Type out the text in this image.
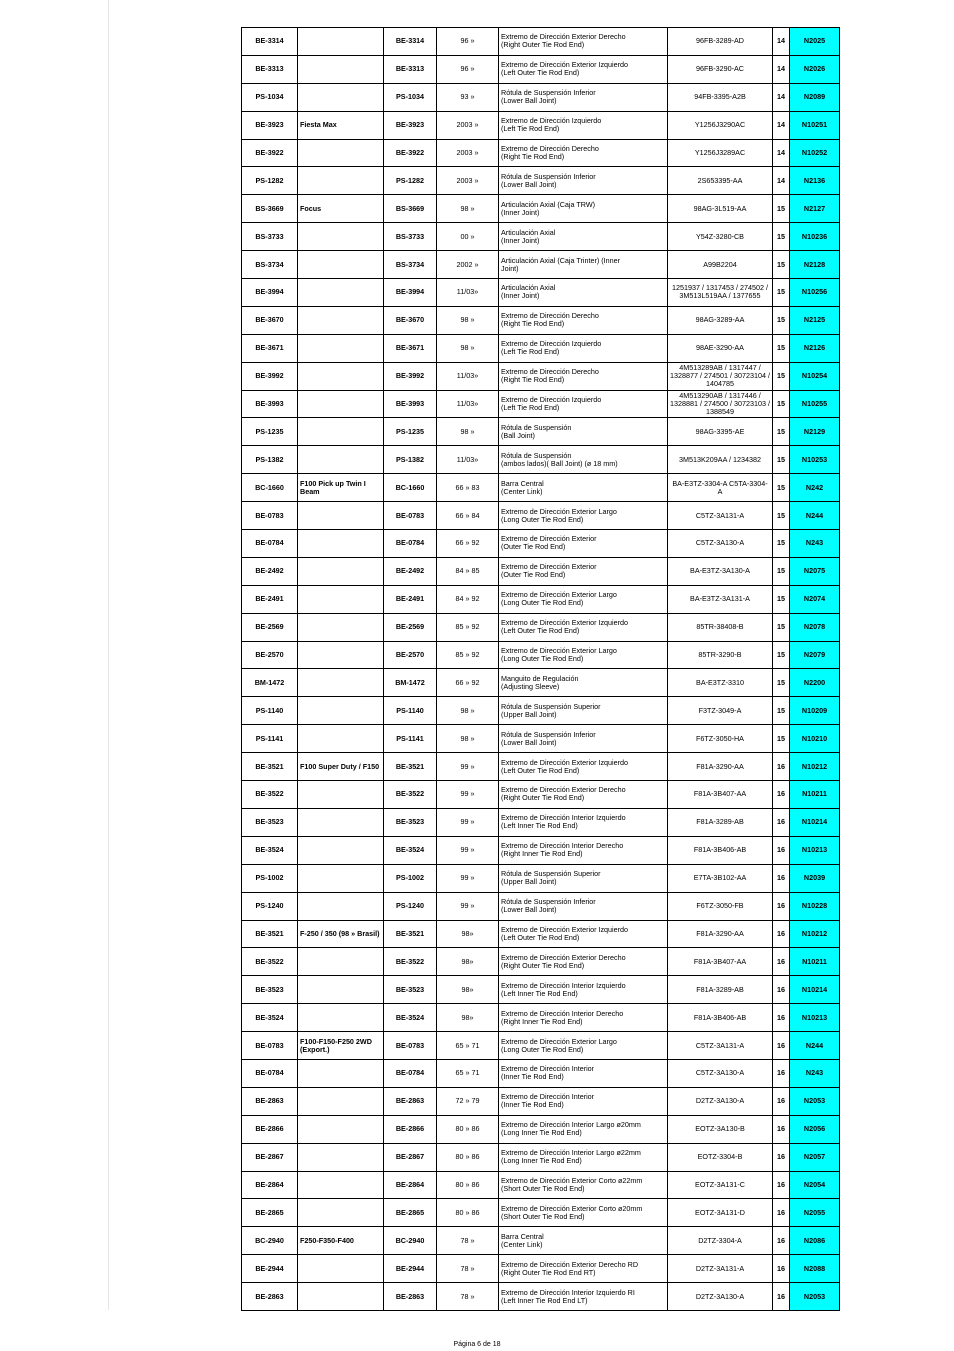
BE-3314		BE-3314	96 »	Extremo de Dirección Exterior Derecho
(Right Outer Tie Rod End)	96FB-3289-AD	14	N2025
BE-3313		BE-3313	96 »	Extremo de Dirección Exterior Izquierdo
(Left Outer Tie Rod End)	96FB-3290-AC	14	N2026
PS-1034		PS-1034	93 »	Rótula de Suspensión Inferior
(Lower Ball Joint)	94FB-3395-A2B	14	N2089
BE-3923	Fiesta Max	BE-3923	2003 »	Extremo de Dirección Izquierdo
(Left Tie Rod End)	Y1256J3290AC	14	N10251
BE-3922		BE-3922	2003 »	Extremo de Dirección Derecho
(Right Tie Rod End)	Y1256J3289AC	14	N10252
PS-1282		PS-1282	2003 »	Rótula de Suspensión Inferior
(Lower Ball Joint)	2S653395-AA	14	N2136
BS-3669	Focus	BS-3669	98 »	Articulación Axial (Caja TRW)
(Inner Joint)	98AG-3L519-AA	15	N2127
BS-3733		BS-3733	00 »	Articulación Axial
(Inner Joint)	Y54Z-3280-CB	15	N10236
BS-3734		BS-3734	2002 »	Articulación Axial (Caja Trinter) (Inner
Joint)	A99B2204	15	N2128
BE-3994		BE-3994	11/03»	Articulación Axial
(Inner Joint)	1251937 / 1317453 / 274502 / 3M513L519AA / 1377655	15	N10256
BE-3670		BE-3670	98 »	Extremo de Dirección Derecho
(Right Tie Rod End)	98AG-3289-AA	15	N2125
BE-3671		BE-3671	98 »	Extremo de Dirección Izquierdo
(Left Tie Rod End)	98AE-3290-AA	15	N2126
BE-3992		BE-3992	11/03»	Extremo de Dirección Derecho
(Right Tie Rod End)	4M513289AB / 1317447 / 1328877 / 274501 / 30723104 / 1404785	15	N10254
BE-3993		BE-3993	11/03»	Extremo de Dirección Izquierdo
(Left Tie Rod End)	4M513290AB / 1317446 / 1328881 / 274500 / 30723103 / 1388549	15	N10255
PS-1235		PS-1235	98 »	Rótula de Suspensión
(Ball Joint)	98AG-3395-AE	15	N2129
PS-1382		PS-1382	11/03»	Rótula de Suspensión
(ambos lados)( Ball Joint) (ø 18 mm)	3M513K209AA / 1234382	15	N10253
BC-1660	F100 Pick up Twin I Beam	BC-1660	66 » 83	Barra Central
(Center Link)	BA-E3TZ-3304-A C5TA-3304-A	15	N242
BE-0783		BE-0783	66 » 84	Extremo de Dirección Exterior Largo
(Long Outer Tie Rod End)	C5TZ-3A131-A	15	N244
BE-0784		BE-0784	66 » 92	Extremo de Dirección Exterior
(Outer Tie Rod End)	C5TZ-3A130-A	15	N243
BE-2492		BE-2492	84 » 85	Extremo de Dirección Exterior
(Outer Tie Rod End)	BA-E3TZ-3A130-A	15	N2075
BE-2491		BE-2491	84 » 92	Extremo de Dirección Exterior Largo
(Long Outer Tie Rod End)	BA-E3TZ-3A131-A	15	N2074
BE-2569		BE-2569	85 » 92	Extremo de Dirección Exterior Izquierdo
(Left Outer Tie Rod End)	85TR-38408-B	15	N2078
BE-2570		BE-2570	85 » 92	Extremo de Dirección Exterior Largo
(Long Outer Tie Rod End)	85TR-3290-B	15	N2079
BM-1472		BM-1472	66 » 92	Manguito de Regulación
(Adjusting Sleeve)	BA-E3TZ-3310	15	N2200
PS-1140		PS-1140	98 »	Rótula de Suspensión Superior
(Upper Ball Joint)	F3TZ-3049-A	15	N10209
PS-1141		PS-1141	98 »	Rótula de Suspensión Inferior
(Lower Ball Joint)	F6TZ-3050-HA	15	N10210
BE-3521	F100 Super Duty / F150	BE-3521	99 »	Extremo de Dirección Exterior Izquierdo
(Left Outer Tie Rod End)	F81A-3290-AA	16	N10212
BE-3522		BE-3522	99 »	Extremo de Dirección Exterior Derecho
(Right Outer Tie Rod End)	F81A-3B407-AA	16	N10211
BE-3523		BE-3523	99 »	Extremo de Dirección Interior Izquierdo
(Left Inner Tie Rod End)	F81A-3289-AB	16	N10214
BE-3524		BE-3524	99 »	Extremo de Dirección Interior Derecho
(Right Inner Tie Rod End)	F81A-3B406-AB	16	N10213
PS-1002		PS-1002	99 »	Rótula de Suspensión Superior
(Upper Ball Joint)	E7TA-3B102-AA	16	N2039
PS-1240		PS-1240	99 »	Rótula de Suspensión Inferior
(Lower Ball Joint)	F6TZ-3050-FB	16	N10228
BE-3521	F-250 / 350 (98 » Brasil)	BE-3521	98»	Extremo de Dirección Exterior Izquierdo
(Left Outer Tie Rod End)	F81A-3290-AA	16	N10212
BE-3522		BE-3522	98»	Extremo de Dirección Exterior Derecho
(Right Outer Tie Rod End)	F81A-3B407-AA	16	N10211
BE-3523		BE-3523	98»	Extremo de Dirección Interior Izquierdo
(Left Inner Tie Rod End)	F81A-3289-AB	16	N10214
BE-3524		BE-3524	98»	Extremo de Dirección Interior Derecho
(Right Inner Tie Rod End)	F81A-3B406-AB	16	N10213
BE-0783	F100-F150-F250 2WD (Export.)	BE-0783	65 » 71	Extremo de Dirección Exterior Largo
(Long Outer Tie Rod End)	C5TZ-3A131-A	16	N244
BE-0784		BE-0784	65 » 71	Extremo de Dirección Interior
(Inner Tie Rod End)	C5TZ-3A130-A	16	N243
BE-2863		BE-2863	72 » 79	Extremo de Dirección Interior
(Inner Tie Rod End)	D2TZ-3A130-A	16	N2053
BE-2866		BE-2866	80 » 86	Extremo de Dirección Interior Largo ø20mm
(Long Inner Tie Rod End)	EOTZ-3A130-B	16	N2056
BE-2867		BE-2867	80 » 86	Extremo de Dirección Interior Largo ø22mm
(Long Inner Tie Rod End)	EOTZ-3304-B	16	N2057
BE-2864		BE-2864	80 » 86	Extremo de Dirección Exterior Corto ø22mm
(Short Outer Tie Rod End)	EOTZ-3A131-C	16	N2054
BE-2865		BE-2865	80 » 86	Extremo de Dirección Exterior Corto ø20mm
(Short Outer Tie Rod End)	EOTZ-3A131-D	16	N2055
BC-2940	F250-F350-F400	BC-2940	78 »	Barra Central
(Center Link)	D2TZ-3304-A	16	N2086
BE-2944		BE-2944	78 »	Extremo de Dirección Exterior Derecho RD
(Right Outer Tie Rod End RT)	D2TZ-3A131-A	16	N2088
BE-2863		BE-2863	78 »	Extremo de Dirección Interior Izquierdo RI
(Left Inner Tie Rod End LT)	D2TZ-3A130-A	16	N2053
Página 6 de 18
